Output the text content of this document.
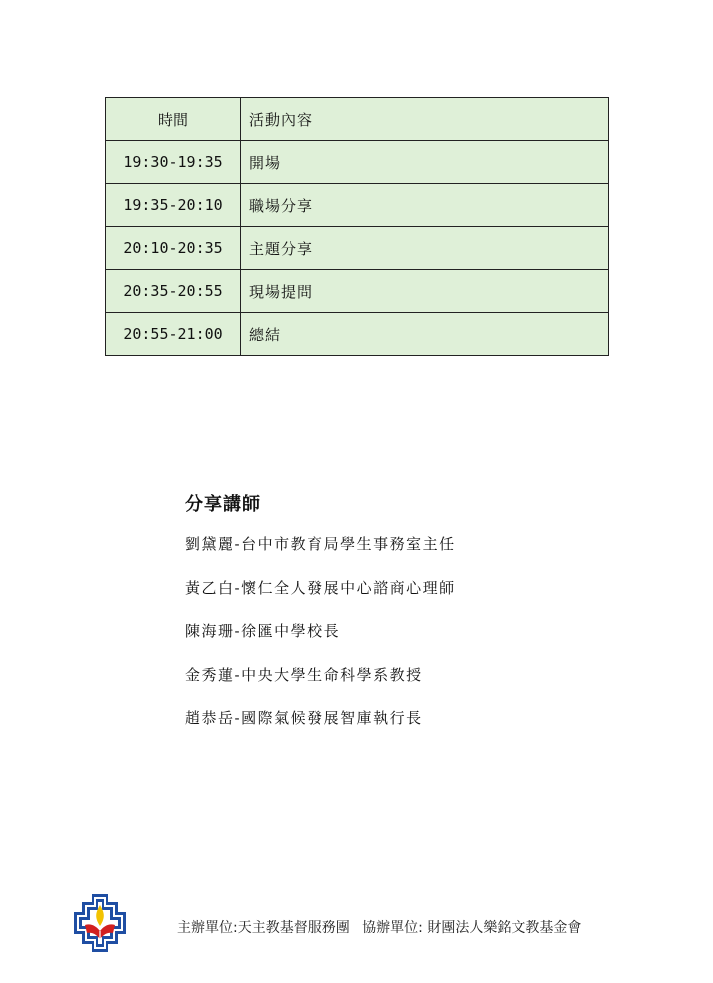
時間	活動內容
19:30-19:35	開場
19:35-20:10	職場分享
20:10-20:35	主題分享
20:35-20:55	現場提問
20:55-21:00	總結
分享講師
劉黛麗-台中市教育局學生事務室主任
黃乙白-懷仁全人發展中心諮商心理師
陳海珊-徐匯中學校長
金秀蓮-中央大學生命科學系教授
趙恭岳-國際氣候發展智庫執行長
主辦單位:天主教基督服務團 協辦單位: 財團法人樂銘文教基金會
